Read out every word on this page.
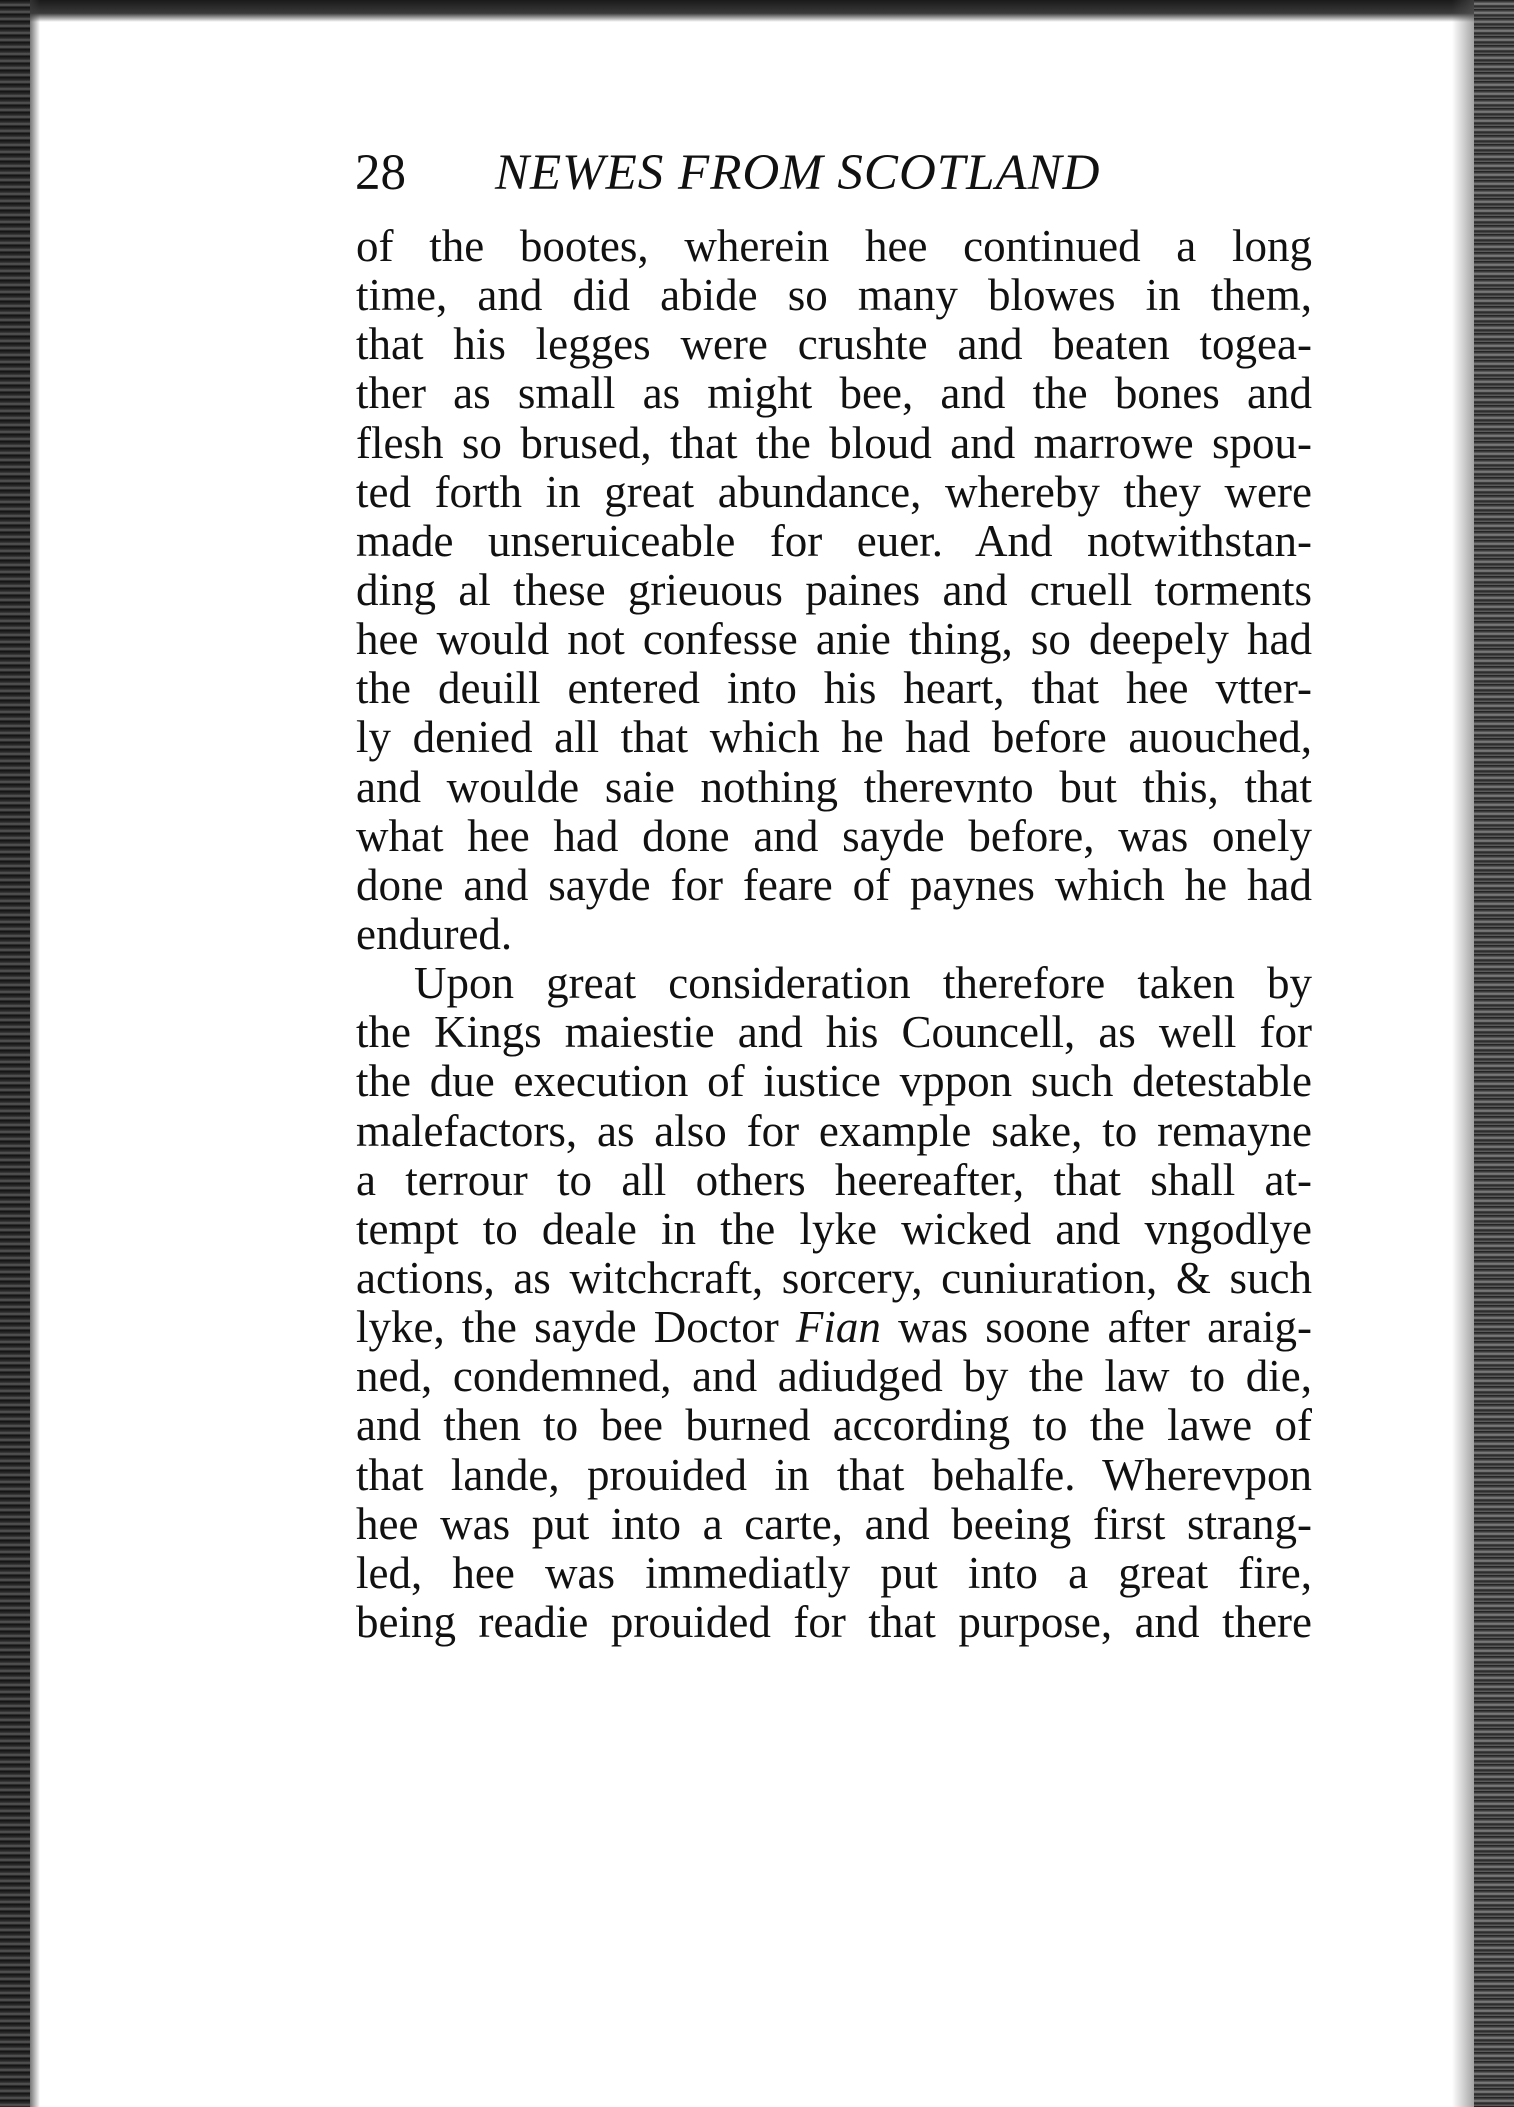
28 NEWES FROM SCOTLAND
of the bootes, wherein hee continued a long
time, and did abide so many blowes in them,
that his legges were crushte and beaten togea-
ther as small as might bee, and the bones and
flesh so brused, that the bloud and marrowe spou-
ted forth in great abundance, whereby they were
made unseruiceable for euer. And notwithstan-
ding al these grieuous paines and cruell torments
hee would not confesse anie thing, so deepely had
the deuill entered into his heart, that hee vtter-
ly denied all that which he had before auouched,
and woulde saie nothing therevnto but this, that
what hee had done and sayde before, was onely
done and sayde for feare of paynes which he had
endured.
Upon great consideration therefore taken by
the Kings maiestie and his Councell, as well for
the due execution of iustice vppon such detestable
malefactors, as also for example sake, to remayne
a terrour to all others heereafter, that shall at-
tempt to deale in the lyke wicked and vngodlye
actions, as witchcraft, sorcery, cuniuration, & such
lyke, the sayde Doctor Fian was soone after araig-
ned, condemned, and adiudged by the law to die,
and then to bee burned according to the lawe of
that lande, prouided in that behalfe. Wherevpon
hee was put into a carte, and beeing first strang-
led, hee was immediatly put into a great fire,
being readie prouided for that purpose, and there
